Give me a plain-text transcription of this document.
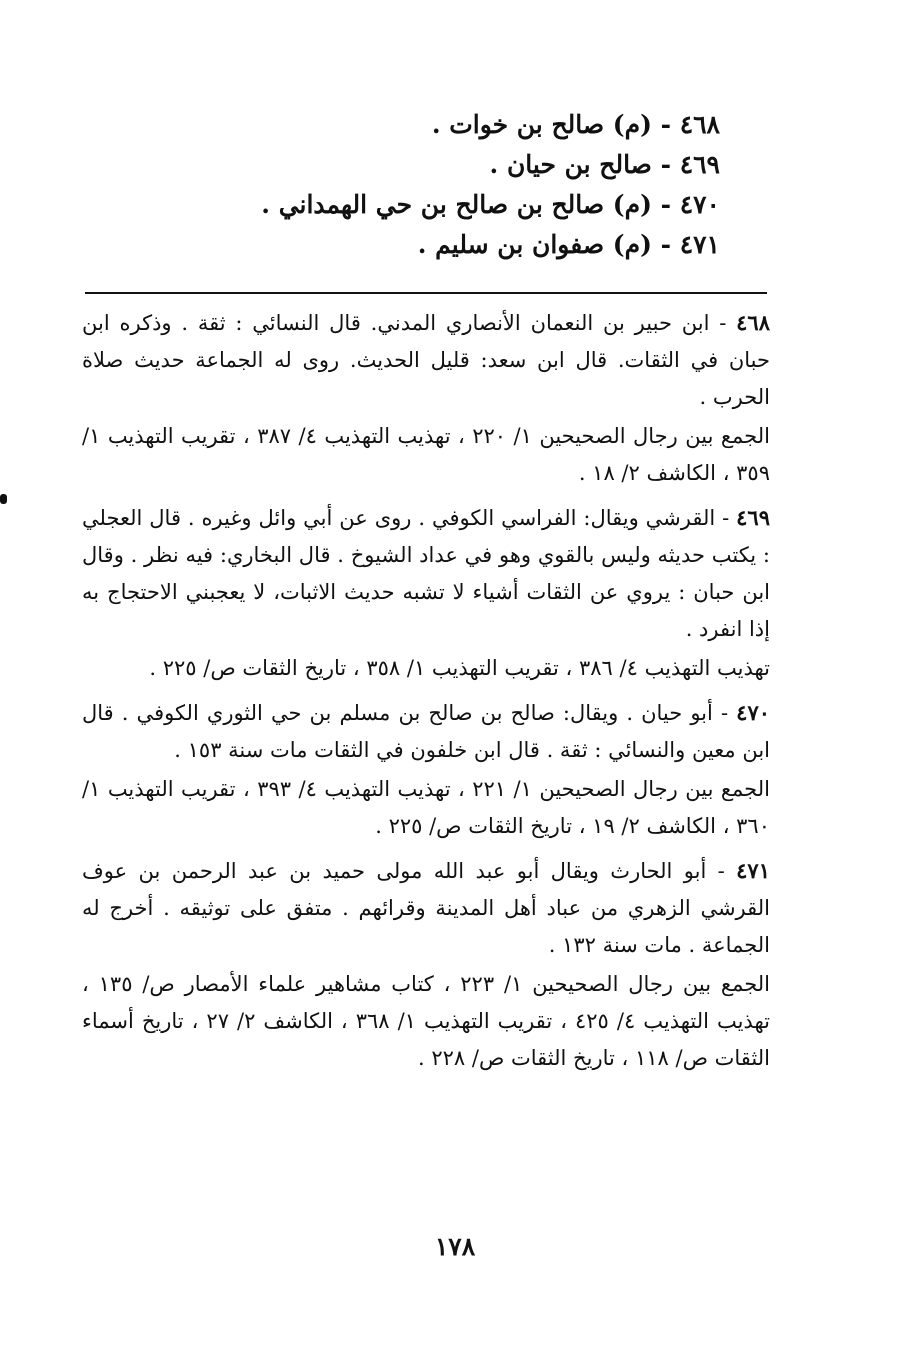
٤٦٨ - (م) صالح بن خوات .
٤٦٩ - صالح بن حيان .
٤٧٠ - (م) صالح بن صالح بن حي الهمداني .
٤٧١ - (م) صفوان بن سليم .

٤٦٨ - ابن حبير بن النعمان الأنصاري المدني. قال النسائي : ثقة . وذكره ابن حبان في الثقات. قال ابن سعد: قليل الحديث. روى له الجماعة حديث صلاة الحرب .

الجمع بين رجال الصحيحين ١/ ٢٢٠ ، تهذيب التهذيب ٤/ ٣٨٧ ، تقريب التهذيب ١/ ٣٥٩ ، الكاشف ٢/ ١٨ .

٤٦٩ - القرشي ويقال: الفراسي الكوفي . روى عن أبي وائل وغيره . قال العجلي : يكتب حديثه وليس بالقوي وهو في عداد الشيوخ . قال البخاري: فيه نظر . وقال ابن حبان : يروي عن الثقات أشياء لا تشبه حديث الاثبات، لا يعجبني الاحتجاج به إذا انفرد .

تهذيب التهذيب ٤/ ٣٨٦ ، تقريب التهذيب ١/ ٣٥٨ ، تاريخ الثقات ص/ ٢٢٥ .

٤٧٠ - أبو حيان . ويقال: صالح بن صالح بن مسلم بن حي الثوري الكوفي . قال ابن معين والنسائي : ثقة . قال ابن خلفون في الثقات مات سنة ١٥٣ .

الجمع بين رجال الصحيحين ١/ ٢٢١ ، تهذيب التهذيب ٤/ ٣٩٣ ، تقريب التهذيب ١/ ٣٦٠ ، الكاشف ٢/ ١٩ ، تاريخ الثقات ص/ ٢٢٥ .

٤٧١ - أبو الحارث ويقال أبو عبد الله مولى حميد بن عبد الرحمن بن عوف القرشي الزهري من عباد أهل المدينة وقرائهم . متفق على توثيقه . أخرج له الجماعة . مات سنة ١٣٢ .

الجمع بين رجال الصحيحين ١/ ٢٢٣ ، كتاب مشاهير علماء الأمصار ص/ ١٣٥ ، تهذيب التهذيب ٤/ ٤٢٥ ، تقريب التهذيب ١/ ٣٦٨ ، الكاشف ٢/ ٢٧ ، تاريخ أسماء الثقات ص/ ١١٨ ، تاريخ الثقات ص/ ٢٢٨ .

١٧٨
